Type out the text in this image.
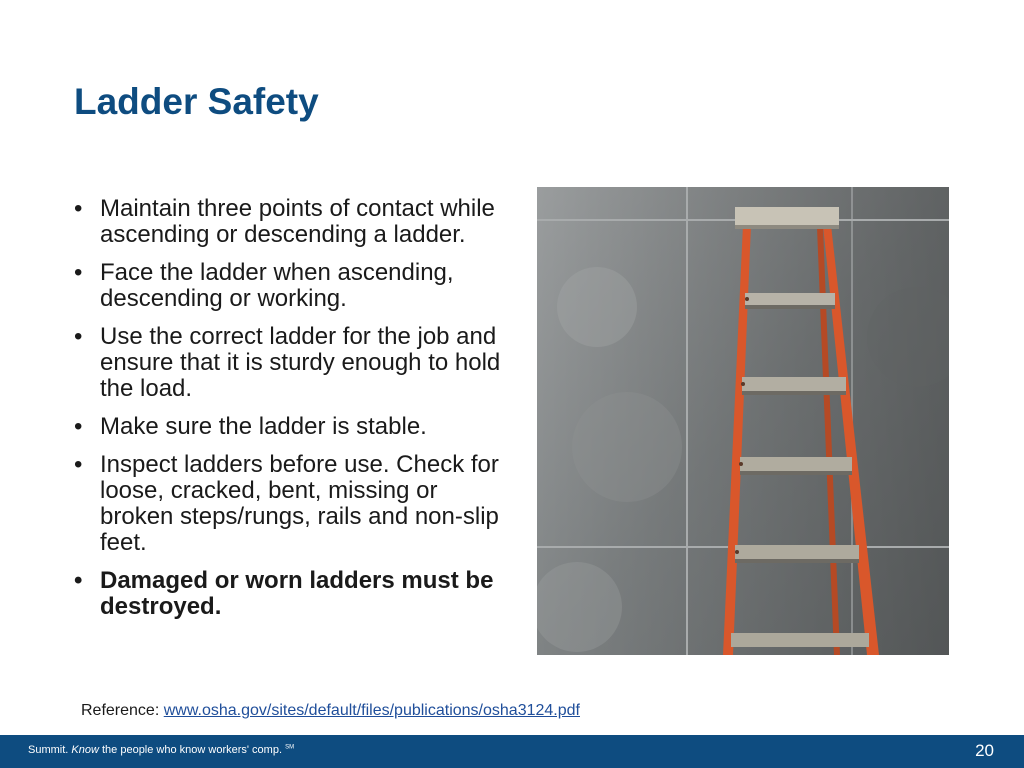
Ladder Safety
• Maintain three points of contact while ascending or descending a ladder.
• Face the ladder when ascending, descending or working.
• Use the correct ladder for the job and ensure that it is sturdy enough to hold the load.
• Make sure the ladder is stable.
• Inspect ladders before use. Check for loose, cracked, bent, missing or broken steps/rungs, rails and non-slip feet.
• Damaged or worn ladders must be destroyed.
Reference: www.osha.gov/sites/default/files/publications/osha3124.pdf
Summit. Know the people who know workers' comp. ℠	20
